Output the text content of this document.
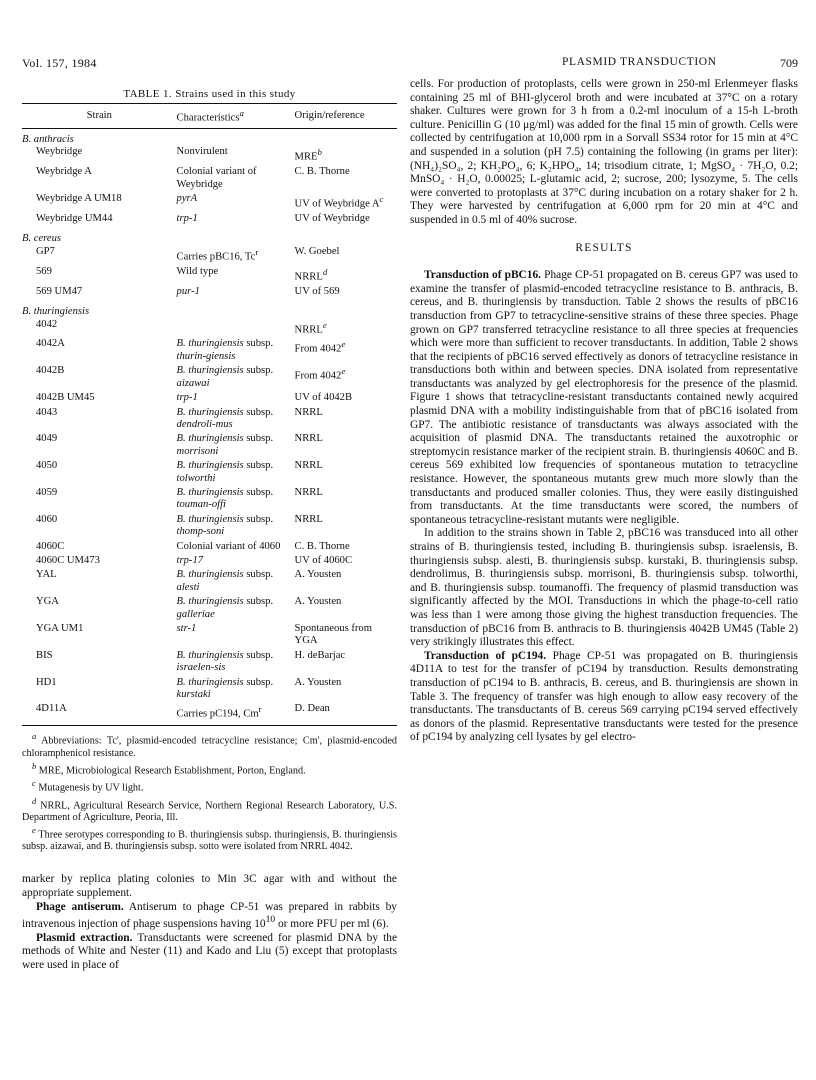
Vol. 157, 1984	PLASMID TRANSDUCTION	709
TABLE 1. Strains used in this study
Strain	Characteristics$^a$	Origin/reference
B. anthracis		
Weybridge	Nonvirulent	MRE$^b$
Weybridge A	Colonial variant of Weybridge	C. B. Thorne
Weybridge A UM18	pyrA	UV of Weybridge $A^c$
Weybridge UM44	trp-1	UV of Weybridge
B. cereus		
GP7	Carries pBC16, Tc$^r$	W. Goebel
569	Wild type	NRRL$^d$
569 UM47	pur-1	UV of 569
B. thuringiensis		
4042		NRRL$^e$
4042A	B. thuringiensis subsp. thurin-giensis	From 4042e
4042B	B. thuringiensis subsp. aizawai	From 4042e
4042B UM45	trp-1	UV of 4042B
4043	B. thuringiensis subsp. dendroli-mus	NRRL
4049	B. thuringiensis subsp. morrisoni	NRRL
4050	B. thuringiensis subsp. tolworthi	NRRL
4059	B. thuringiensis subsp. touman-offi	NRRL
4060	B. thuringiensis subsp. thomp-soni	NRRL
4060C	Colonial variant of 4060	C. B. Thorne
4060C UM473	trp-17	UV of 4060C
YAL	B. thuringiensis subsp. alesti	A. Yousten
YGA	B. thuringiensis subsp. galleriae	A. Yousten
YGA UM1	str-1	Spontaneous from YGA
BIS	B. thuringiensis subsp. israelen-sis	H. deBarjac
HD1	B. thuringiensis subsp. kurstaki	A. Yousten
4D11A	Carries pC194, Cm$^r$	D. Dean

$^a$ Abbreviations: Tc', plasmid-encoded tetracycline resistance; Cm', plasmid-encoded chloramphenicol resistance.

$^b$ MRE, Microbiological Research Establishment, Porton, England.

$^c$ Mutagenesis by UV light.

$^d$ NRRL, Agricultural Research Service, Northern Regional Research Laboratory, U.S. Department of Agriculture, Peoria, Ill.

$^e$ Three serotypes corresponding to B. thuringiensis subsp. thuringiensis, B. thuringiensis subsp. aizawai, and B. thuringiensis subsp. sotto were isolated from NRRL 4042.

marker by replica plating colonies to Min 3C agar with and without the appropriate supplement.

Phage antiserum. Antiserum to phage CP-51 was prepared in rabbits by intravenous injection of phage suspensions having $10^{10}$ or more PFU per ml (6).

Plasmid extraction. Transductants were screened for plasmid DNA by the methods of White and Nester (11) and Kado and Liu (5) except that protoplasts were used in place of

cells. For production of protoplasts, cells were grown in 250-ml Erlenmeyer flasks containing 25 ml of BHI-glycerol broth and were incubated at 37°C on a rotary shaker. Cultures were grown for 3 h from a 0.2-ml inoculum of a 15-h L-broth culture. Penicillin G (10 μg/ml) was added for the final 15 min of growth. Cells were collected by centrifugation at 10,000 rpm in a Sorvall SS34 rotor for 15 min at 4°C and suspended in a solution (pH 7.5) containing the following (in grams per liter): (NH₄)₂SO₄, 2; KH₂PO₄, 6; K₂HPO₄, 14; trisodium citrate, 1; MgSO₄ · 7H₂O, 0.2; MnSO₄ · H₂O, 0.00025; L-glutamic acid, 2; sucrose, 200; lysozyme, 5. The cells were converted to protoplasts at 37°C during incubation on a rotary shaker for 2 h. They were harvested by centrifugation at 6,000 rpm for 20 min at 4°C and suspended in 0.5 ml of 40% sucrose.

RESULTS

Transduction of pBC16. Phage CP-51 propagated on B. cereus GP7 was used to examine the transfer of plasmid-encoded tetracycline resistance to B. anthracis, B. cereus, and B. thuringiensis by transduction. Table 2 shows the results of pBC16 transduction from GP7 to tetracycline-sensitive strains of these three species. Phage grown on GP7 transferred tetracycline resistance to all three species at frequencies which were more than sufficient to recover transductants. In addition, Table 2 shows that the recipients of pBC16 served effectively as donors of tetracycline resistance in transductions both within and between species. DNA isolated from representative transductants was analyzed by gel electrophoresis for the presence of the plasmid. Figure 1 shows that tetracycline-resistant transductants contained newly acquired plasmid DNA with a mobility indistinguishable from that of pBC16 isolated from GP7. The antibiotic resistance of transductants was always associated with the acquisition of plasmid DNA. The transductants retained the auxotrophic or streptomycin resistance marker of the recipient strain. B. thuringiensis 4060C and B. cereus 569 exhibited low frequencies of spontaneous mutation to tetracycline resistance. However, the spontaneous mutants grew much more slowly than the transductants and produced smaller colonies. Thus, they were easily distinguished from transductants. At the time transductants were scored, the numbers of spontaneous tetracycline-resistant mutants were negligible.

In addition to the strains shown in Table 2, pBC16 was transduced into all other strains of B. thuringiensis tested, including B. thuringiensis subsp. israelensis, B. thuringiensis subsp. alesti, B. thuringiensis subsp. kurstaki, B. thuringiensis subsp. dendrolimus, B. thuringiensis subsp. morrisoni, B. thuringiensis subsp. tolworthi, and B. thuringiensis subsp. toumanoffi. The frequency of plasmid transduction was significantly affected by the MOI. Transductions in which the phage-to-cell ratio was less than 1 were among those giving the highest transduction frequencies. The transduction of pBC16 from B. anthracis to B. thuringiensis 4042B UM45 (Table 2) very strikingly illustrates this effect.

Transduction of pC194. Phage CP-51 was propagated on B. thuringiensis 4D11A to test for the transfer of pC194 by transduction. Results demonstrating transduction of pC194 to B. anthracis, B. cereus, and B. thuringiensis are shown in Table 3. The frequency of transfer was high enough to allow easy recovery of the transductants. The transductants of B. cereus 569 carrying pC194 served effectively as donors of the plasmid. Representative transductants were tested for the presence of pC194 by analyzing cell lysates by gel electro-
